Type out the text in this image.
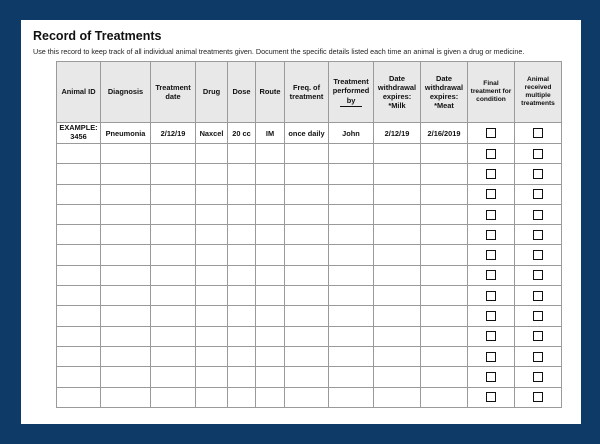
Record of Treatments
Use this record to keep track of all individual animal treatments given. Document the specific details listed each time an animal is given a drug or medicine.
Animal ID	Diagnosis	Treatment date	Drug	Dose	Route	Freq. of treatment	Treatment performed by	Date withdrawal expires: *Milk	Date withdrawal expires: *Meat	Final treatment for condition	Animal received multiple treatments

EXAMPLE: 3456	Pneumonia	2/12/19	Naxcel	20 cc	IM	once daily	John	2/12/19	2/16/2019		
